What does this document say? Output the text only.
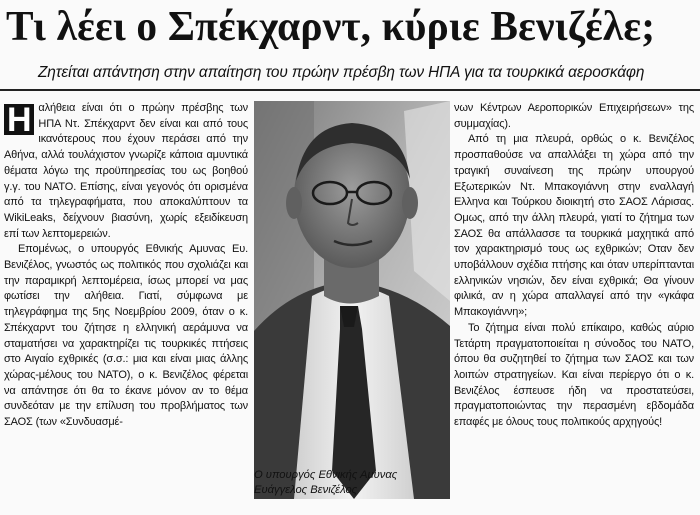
Τι λέει ο Σπέκχαρντ, κύριε Βενιζέλε;
Ζητείται απάντηση στην απαίτηση του πρώην πρέσβη των ΗΠΑ για τα τουρκικά αεροσκάφη

Η αλήθεια είναι ότι ο πρώην πρέσβης των ΗΠΑ Ντ. Σπέκχαρντ δεν είναι και από τους ικανότερους που έχουν περάσει από την Αθήνα, αλλά τουλάχιστον γνωρίζε κάποια αμυντικά θέματα λόγω της προϋπηρεσίας του ως βοηθού γ.γ. του ΝΑΤΟ. Επίσης, είναι γεγονός ότι ορισμένα από τα τηλεγραφήματα, που αποκαλύπτουν τα WikiLeaks, δείχνουν βιασύνη, χωρίς εξειδίκευση επί των λεπτομερειών.

Επομένως, ο υπουργός Εθνικής Αμυνας Ευ. Βενιζέλος, γνωστός ως πολιτικός που σχολιάζει και την παραμικρή λεπτομέρεια, ίσως μπορεί να μας φωτίσει την αλήθεια. Γιατί, σύμφωνα με τηλεγράφημα της 5ης Νοεμβρίου 2009, όταν ο κ. Σπέκχαρντ του ζήτησε η ελληνική αεράμυνα να σταματήσει να χαρακτηρίζει τις τουρκικές πτήσεις στο Αιγαίο εχθρικές (σ.σ.: μια και είναι μιας άλλης χώρας-μέλους του ΝΑΤΟ), ο κ. Βενιζέλος φέρεται να απάντησε ότι θα το έκανε μόνον αν το θέμα συνδεόταν με την επίλυση του προβλήματος των ΣΑΟΣ (των «Συνδυασμέ-

Ο υπουργός Εθνικής Αμυνας Ευάγγελος Βενιζέλος

νων Κέντρων Αεροπορικών Επιχειρήσεων» της συμμαχίας).

Από τη μια πλευρά, ορθώς ο κ. Βενιζέλος προσπαθούσε να απαλλάξει τη χώρα από την τραγική συναίνεση της πρώην υπουργού Εξωτερικών Ντ. Μπακογιάννη στην εναλλαγή Ελληνα και Τούρκου διοικητή στο ΣΑΟΣ Λάρισας. Ομως, από την άλλη πλευρά, γιατί το ζήτημα των ΣΑΟΣ θα απάλλασσε τα τουρκικά μαχητικά από τον χαρακτηρισμό τους ως εχθρικών; Οταν δεν υποβάλλουν σχέδια πτήσης και όταν υπερίπτανται ελληνικών νησιών, δεν είναι εχθρικά; Θα γίνουν φιλικά, αν η χώρα απαλλαγεί από την «γκάφα Μπακογιάννη»;

Το ζήτημα είναι πολύ επίκαιρο, καθώς αύριο Τετάρτη πραγματοποιείται η σύνοδος του ΝΑΤΟ, όπου θα συζητηθεί το ζήτημα των ΣΑΟΣ και των λοιπών στρατηγείων. Και είναι περίεργο ότι ο κ. Βενιζέλος έσπευσε ήδη να προστατεύσει, πραγματοποιώντας την περασμένη εβδομάδα επαφές με όλους τους πολιτικούς αρχηγούς!
